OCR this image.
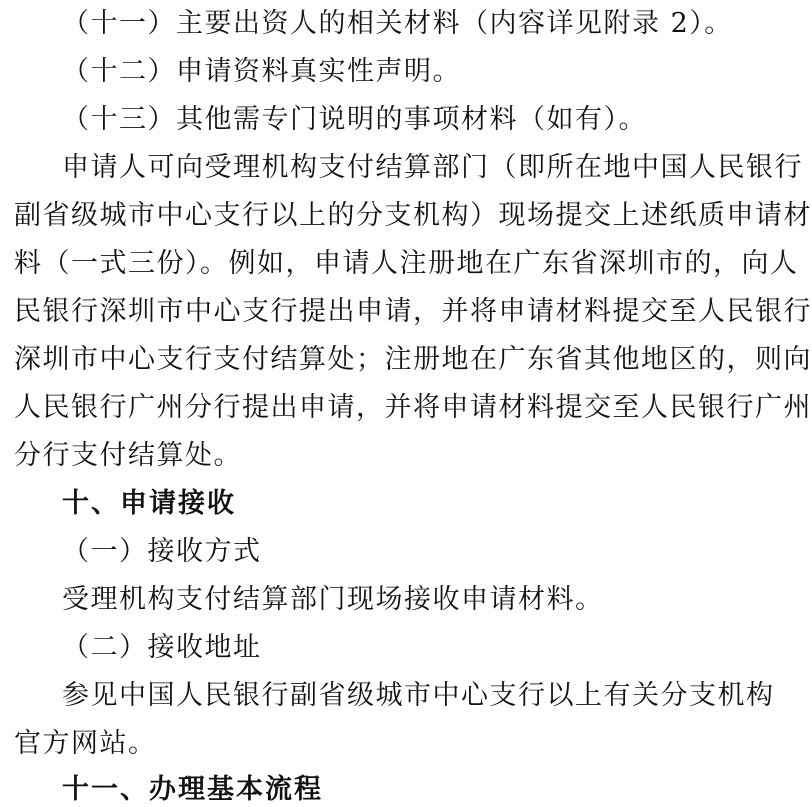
（十一）主要出资人的相关材料（内容详见附录 2）。
（十二）申请资料真实性声明。
（十三）其他需专门说明的事项材料（如有）。
申请人可向受理机构支付结算部门（即所在地中国人民银行
副省级城市中心支行以上的分支机构）现场提交上述纸质申请材
料（一式三份）。例如，申请人注册地在广东省深圳市的，向人
民银行深圳市中心支行提出申请，并将申请材料提交至人民银行
深圳市中心支行支付结算处；注册地在广东省其他地区的，则向
人民银行广州分行提出申请，并将申请材料提交至人民银行广州
分行支付结算处。
十、申请接收
（一）接收方式
受理机构支付结算部门现场接收申请材料。
（二）接收地址
参见中国人民银行副省级城市中心支行以上有关分支机构
官方网站。
十一、办理基本流程
